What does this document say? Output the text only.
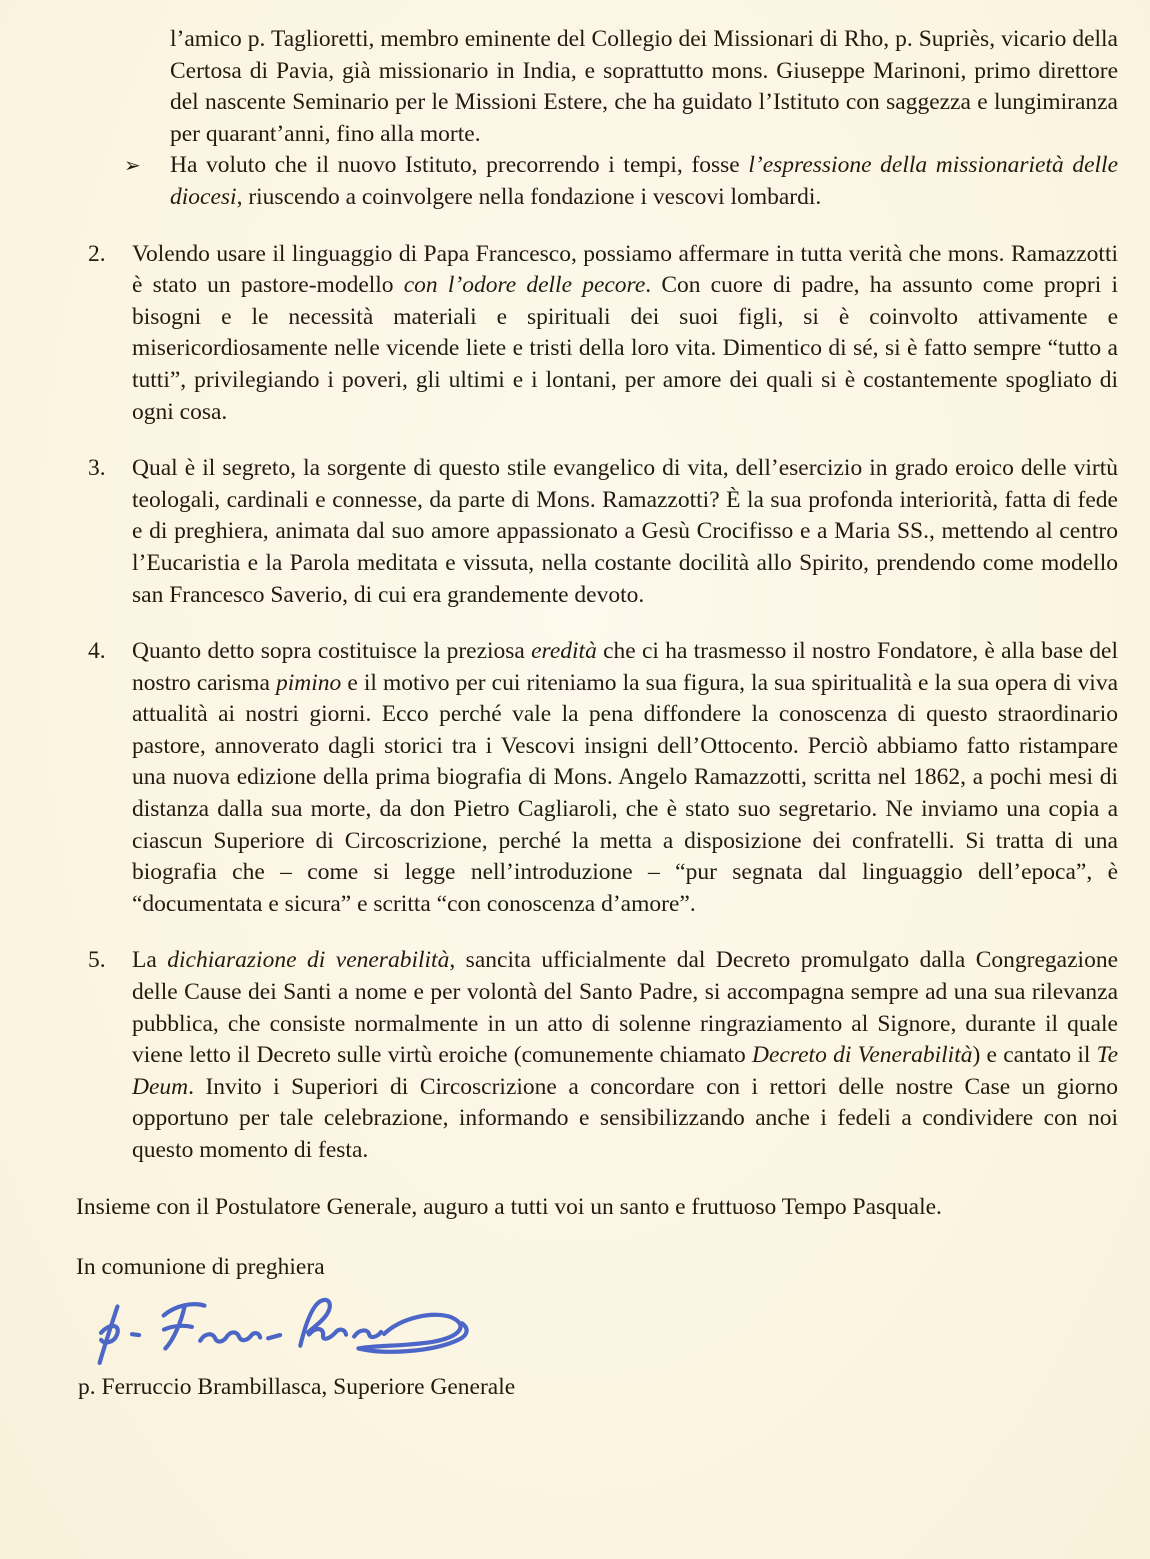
l’amico p. Taglioretti, membro eminente del Collegio dei Missionari di Rho, p. Supriès, vicario della Certosa di Pavia, già missionario in India, e soprattutto mons. Giuseppe Marinoni, primo direttore del nascente Seminario per le Missioni Estere, che ha guidato l’Istituto con saggezza e lungimiranza per quarant’anni, fino alla morte.

➢	Ha voluto che il nuovo Istituto, precorrendo i tempi, fosse l’espressione della missionarietà delle diocesi, riuscendo a coinvolgere nella fondazione i vescovi lombardi.

2.	Volendo usare il linguaggio di Papa Francesco, possiamo affermare in tutta verità che mons. Ramazzotti è stato un pastore-modello con l’odore delle pecore. Con cuore di padre, ha assunto come propri i bisogni e le necessità materiali e spirituali dei suoi figli, si è coinvolto attivamente e misericordiosamente nelle vicende liete e tristi della loro vita. Dimentico di sé, si è fatto sempre “tutto a tutti”, privilegiando i poveri, gli ultimi e i lontani, per amore dei quali si è costantemente spogliato di ogni cosa.

3.	Qual è il segreto, la sorgente di questo stile evangelico di vita, dell’esercizio in grado eroico delle virtù teologali, cardinali e connesse, da parte di Mons. Ramazzotti? È la sua profonda interiorità, fatta di fede e di preghiera, animata dal suo amore appassionato a Gesù Crocifisso e a Maria SS., mettendo al centro l’Eucaristia e la Parola meditata e vissuta, nella costante docilità allo Spirito, prendendo come modello san Francesco Saverio, di cui era grandemente devoto.

4.	Quanto detto sopra costituisce la preziosa eredità che ci ha trasmesso il nostro Fondatore, è alla base del nostro carisma pimino e il motivo per cui riteniamo la sua figura, la sua spiritualità e la sua opera di viva attualità ai nostri giorni. Ecco perché vale la pena diffondere la conoscenza di questo straordinario pastore, annoverato dagli storici tra i Vescovi insigni dell’Ottocento. Perciò abbiamo fatto ristampare una nuova edizione della prima biografia di Mons. Angelo Ramazzotti, scritta nel 1862, a pochi mesi di distanza dalla sua morte, da don Pietro Cagliaroli, che è stato suo segretario. Ne inviamo una copia a ciascun Superiore di Circoscrizione, perché la metta a disposizione dei confratelli. Si tratta di una biografia che – come si legge nell’introduzione – “pur segnata dal linguaggio dell’epoca”, è “documentata e sicura” e scritta “con conoscenza d’amore”.

5.	La dichiarazione di venerabilità, sancita ufficialmente dal Decreto promulgato dalla Congregazione delle Cause dei Santi a nome e per volontà del Santo Padre, si accompagna sempre ad una sua rilevanza pubblica, che consiste normalmente in un atto di solenne ringraziamento al Signore, durante il quale viene letto il Decreto sulle virtù eroiche (comunemente chiamato Decreto di Venerabilità) e cantato il Te Deum. Invito i Superiori di Circoscrizione a concordare con i rettori delle nostre Case un giorno opportuno per tale celebrazione, informando e sensibilizzando anche i fedeli a condividere con noi questo momento di festa.

Insieme con il Postulatore Generale, auguro a tutti voi un santo e fruttuoso Tempo Pasquale.

In comunione di preghiera

p. Ferruccio Brambillasca, Superiore Generale
